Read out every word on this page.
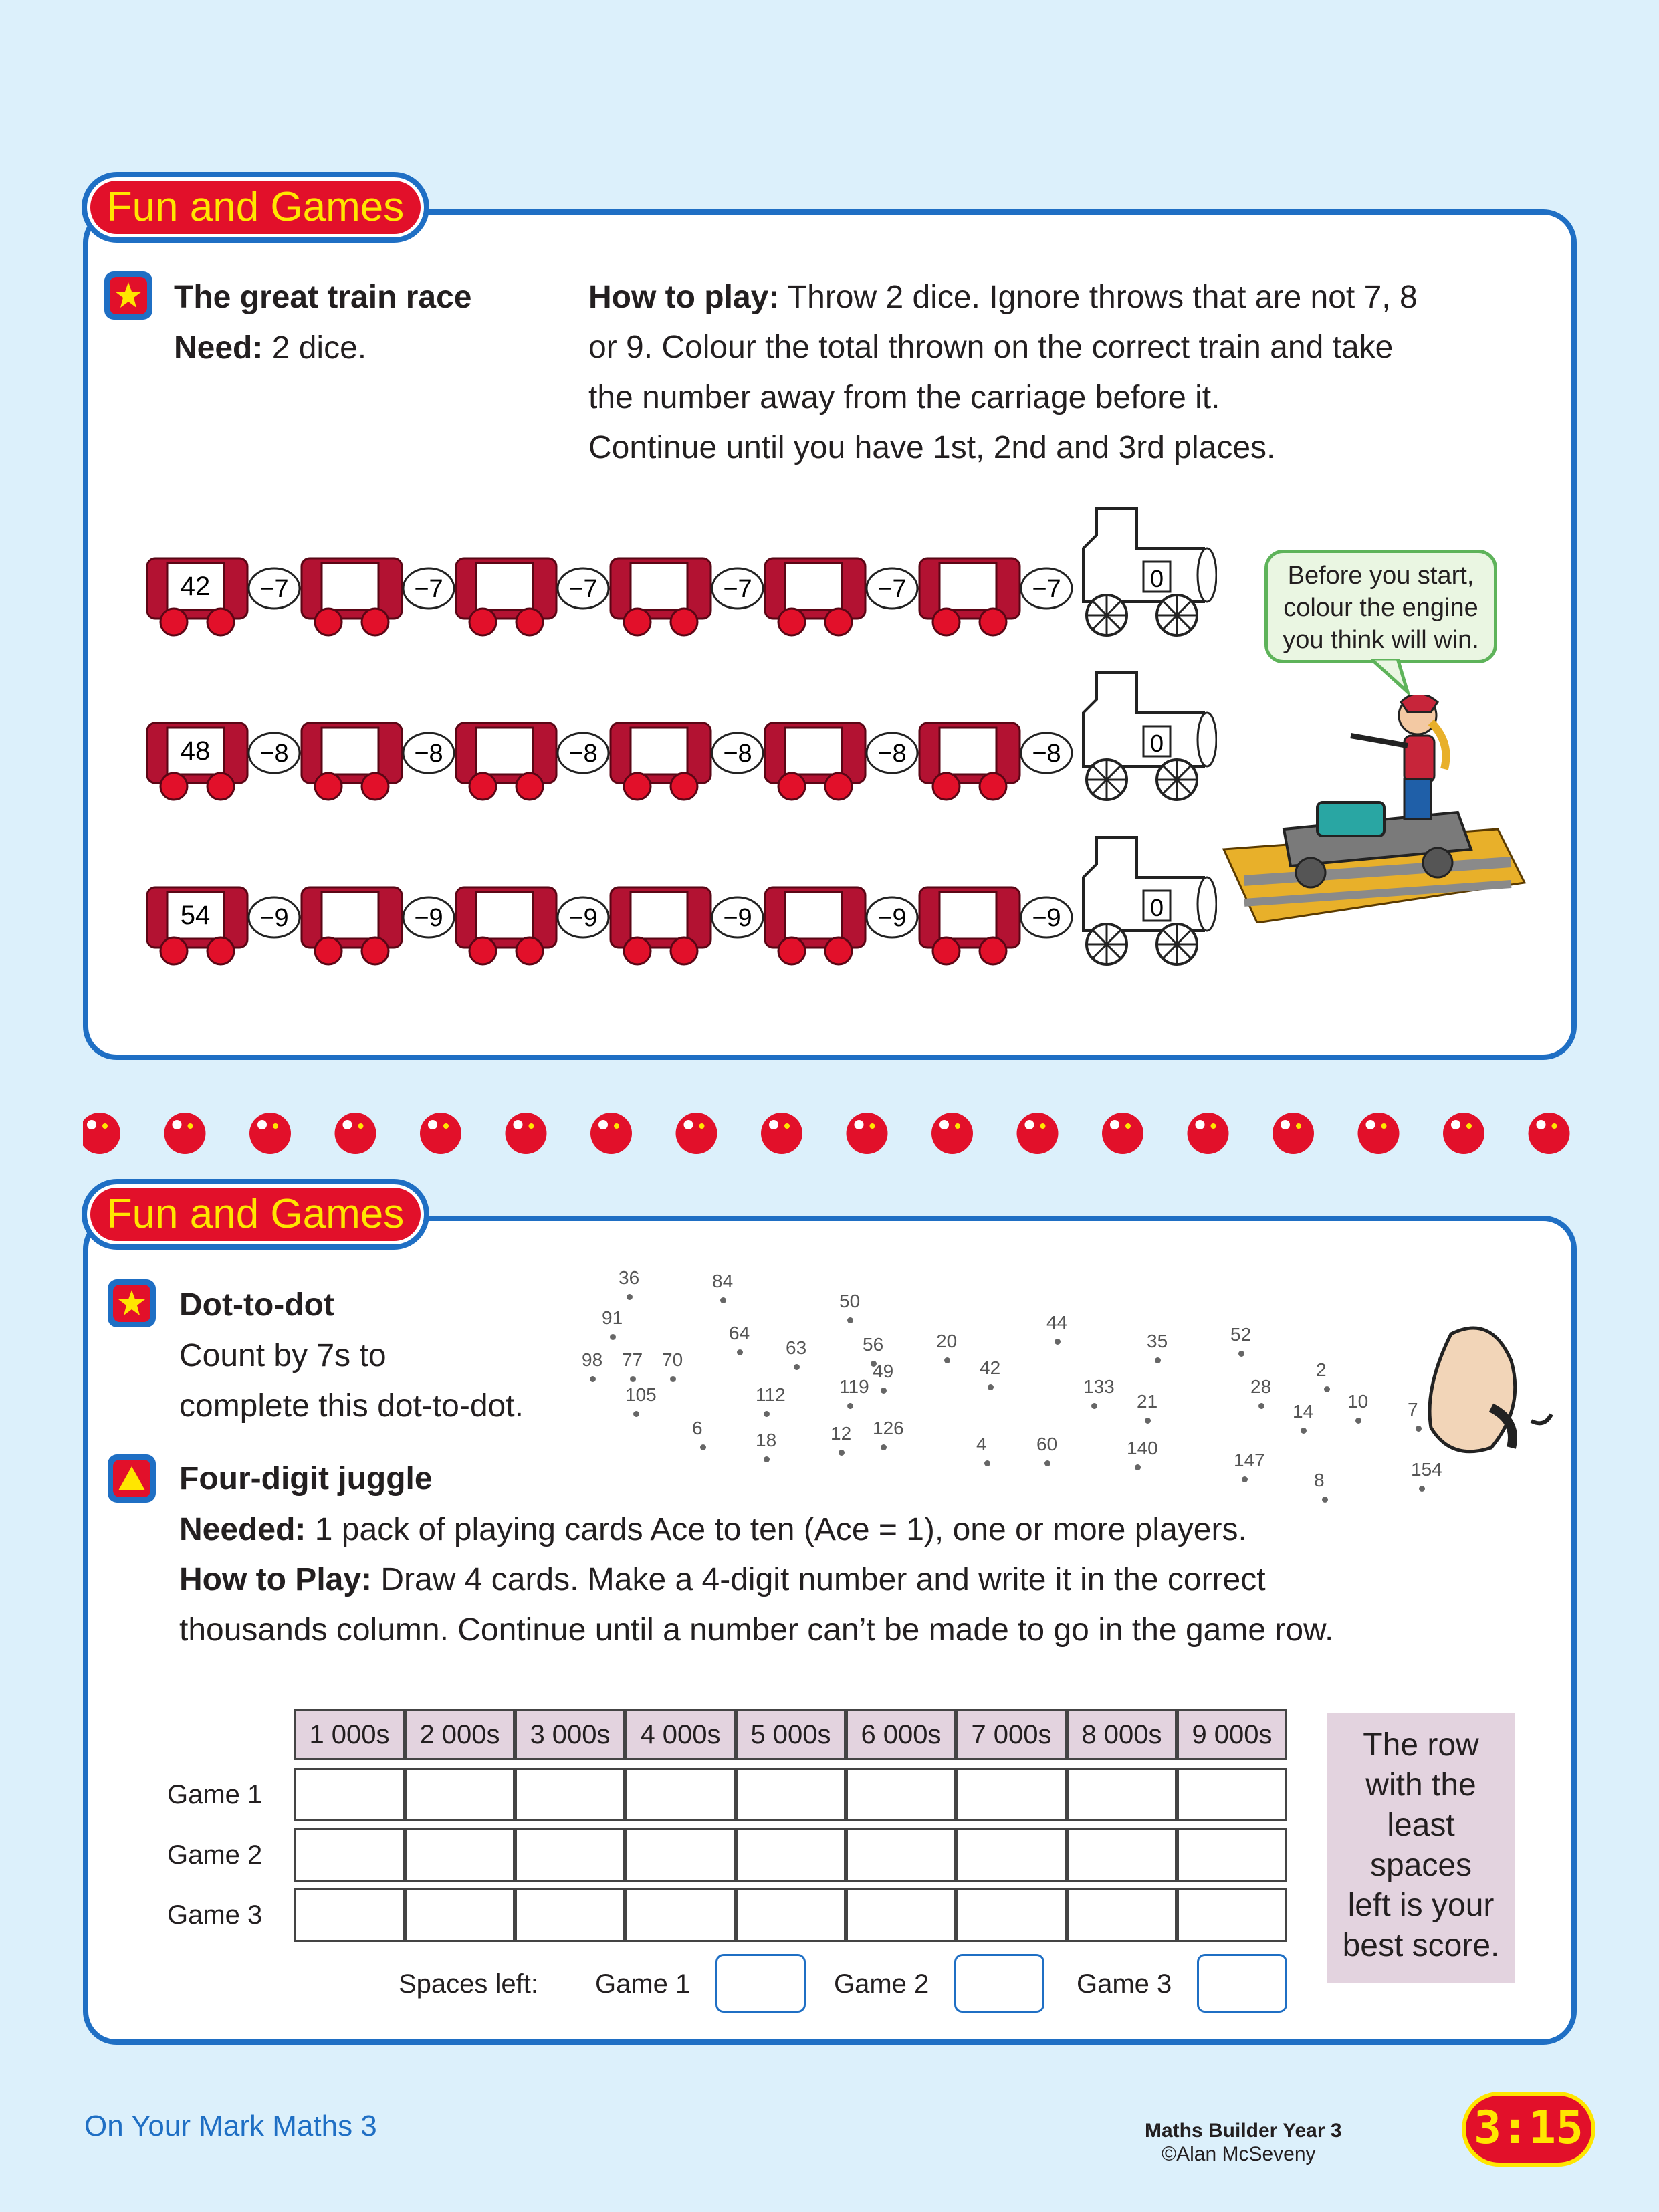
Fun and Games
The great train race
Need: 2 dice.
How to play: Throw 2 dice. Ignore throws that are not 7, 8
or 9. Colour the total thrown on the correct train and take
the number away from the carriage before it.
Continue until you have 1st, 2nd and 3rd places.
42 −7	−7	−7	−7	−7	−7	0
48 −8	−8	−8	−8	−8	−8	0
54 −9	−9	−9	−9	−9	−9	0
Before you start,
colour the engine
you think will win.
Fun and Games
Dot-to-dot
Count by 7s to
complete this dot-to-dot.
36	84
91
50
64
98 77 70
63	56	20
44
35	52
49	42	2
133	28
119
112
105	21	10 7
14
6	12 126
18	4	60	140
147	154
8
Four-digit juggle
Needed: 1 pack of playing cards Ace to ten (Ace = 1), one or more players.
How to Play: Draw 4 cards. Make a 4-digit number and write it in the correct
thousands column. Continue until a number can’t be made to go in the game row.
1 000s	2 000s	3 000s	4 000s	5 000s	6 000s	7 000s	8 000s	9 000s
Game 1
Game 2
Game 3
Spaces left: Game 1	Game 2	Game 3
The row
with the
least
spaces
left is your
best score.
On Your Mark Maths 3	Maths Builder Year 3
©Alan McSeveny	3:15
